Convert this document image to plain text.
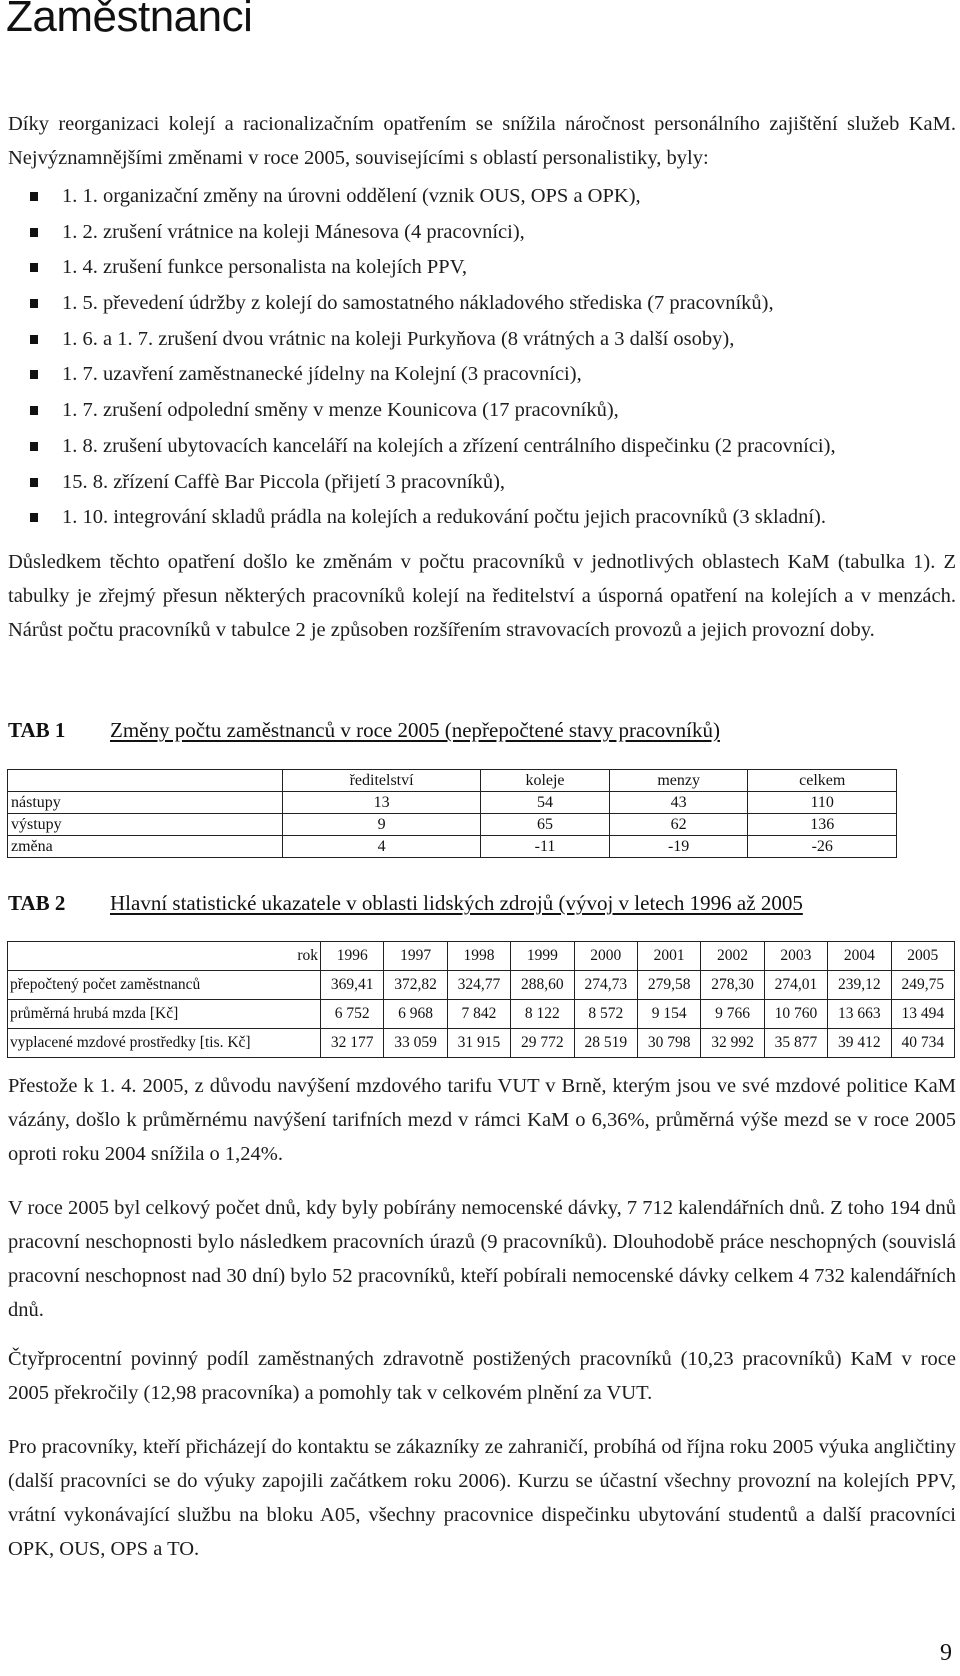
Zaměstnanci

Díky reorganizaci kolejí a racionalizačním opatřením se snížila náročnost personálního zajištění služeb KaM. Nejvýznamnějšími změnami v roce 2005, souvisejícími s oblastí personalistiky, byly:

1. 1. organizační změny na úrovni oddělení (vznik OUS, OPS a OPK),
1. 2. zrušení vrátnice na koleji Mánesova (4 pracovníci),
1. 4. zrušení funkce personalista na kolejích PPV,
1. 5. převedení údržby z kolejí do samostatného nákladového střediska (7 pracovníků),
1. 6. a 1. 7. zrušení dvou vrátnic na koleji Purkyňova (8 vrátných a 3 další osoby),
1. 7. uzavření zaměstnanecké jídelny na Kolejní (3 pracovníci),
1. 7. zrušení odpolední směny v menze Kounicova (17 pracovníků),
1. 8. zrušení ubytovacích kanceláří na kolejích a zřízení centrálního dispečinku (2 pracovníci),
15. 8. zřízení Caffè Bar Piccola (přijetí 3 pracovníků),
1. 10. integrování skladů prádla na kolejích a redukování počtu jejich pracovníků (3 skladní).

Důsledkem těchto opatření došlo ke změnám v počtu pracovníků v jednotlivých oblastech KaM (tabulka 1). Z tabulky je zřejmý přesun některých pracovníků kolejí na ředitelství a úsporná opatření na kolejích a v menzách. Nárůst počtu pracovníků v tabulce 2 je způsoben rozšířením stravovacích provozů a jejich provozní doby.

TAB 1 Změny počtu zaměstnanců v roce 2005 (nepřepočtené stavy pracovníků)
	ředitelství	koleje	menzy	celkem
nástupy	13	54	43	110
výstupy	9	65	62	136
změna	4	-11	-19	-26
TAB 2 Hlavní statistické ukazatele v oblasti lidských zdrojů (vývoj v letech 1996 až 2005
rok	1996	1997	1998	1999	2000	2001	2002	2003	2004	2005
přepočtený počet zaměstnanců	369,41	372,82	324,77	288,60	274,73	279,58	278,30	274,01	239,12	249,75
průměrná hrubá mzda [Kč]	6 752	6 968	7 842	8 122	8 572	9 154	9 766	10 760	13 663	13 494
vyplacené mzdové prostředky [tis. Kč]	32 177	33 059	31 915	29 772	28 519	30 798	32 992	35 877	39 412	40 734

Přestože k 1. 4. 2005, z důvodu navýšení mzdového tarifu VUT v Brně, kterým jsou ve své mzdové politice KaM vázány, došlo k průměrnému navýšení tarifních mezd v rámci KaM o 6,36%, průměrná výše mezd se v roce 2005 oproti roku 2004 snížila o 1,24%.

V roce 2005 byl celkový počet dnů, kdy byly pobírány nemocenské dávky, 7 712 kalendářních dnů. Z toho 194 dnů pracovní neschopnosti bylo následkem pracovních úrazů (9 pracovníků). Dlouhodobě práce neschopných (souvislá pracovní neschopnost nad 30 dní) bylo 52 pracovníků, kteří pobírali nemocenské dávky celkem 4 732 kalendářních dnů.

Čtyřprocentní povinný podíl zaměstnaných zdravotně postižených pracovníků (10,23 pracovníků) KaM v roce 2005 překročily (12,98 pracovníka) a pomohly tak v celkovém plnění za VUT.

Pro pracovníky, kteří přicházejí do kontaktu se zákazníky ze zahraničí, probíhá od října roku 2005 výuka angličtiny (další pracovníci se do výuky zapojili začátkem roku 2006). Kurzu se účastní všechny provozní na kolejích PPV, vrátní vykonávající službu na bloku A05, všechny pracovnice dispečinku ubytování studentů a další pracovníci OPK, OUS, OPS a TO.

9
